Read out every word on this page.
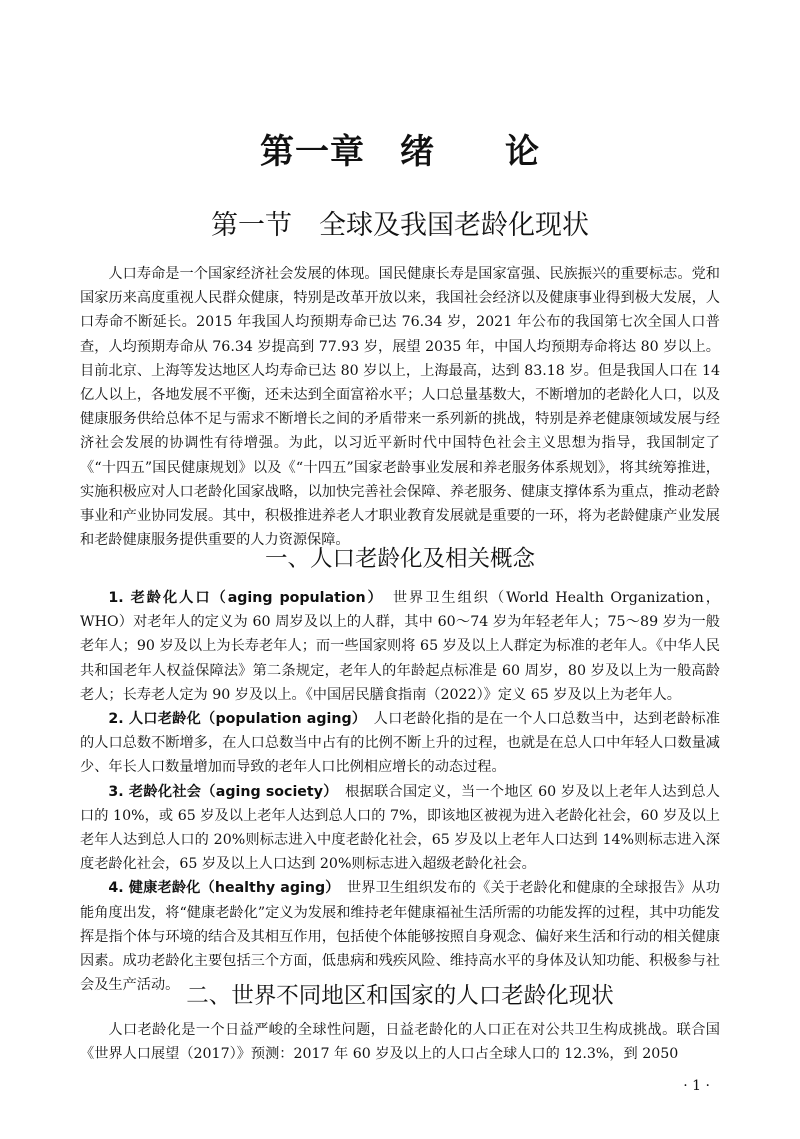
第一章　绪　　论
第一节　全球及我国老龄化现状

人口寿命是一个国家经济社会发展的体现。国民健康长寿是国家富强、民族振兴的重要标志。党和国家历来高度重视人民群众健康，特别是改革开放以来，我国社会经济以及健康事业得到极大发展，人口寿命不断延长。2015 年我国人均预期寿命已达 76.34 岁，2021 年公布的我国第七次全国人口普查，人均预期寿命从 76.34 岁提高到 77.93 岁，展望 2035 年，中国人均预期寿命将达 80 岁以上。目前北京、上海等发达地区人均寿命已达 80 岁以上，上海最高，达到 83.18 岁。但是我国人口在 14 亿人以上，各地发展不平衡，还未达到全面富裕水平；人口总量基数大，不断增加的老龄化人口，以及健康服务供给总体不足与需求不断增长之间的矛盾带来一系列新的挑战，特别是养老健康领域发展与经济社会发展的协调性有待增强。为此，以习近平新时代中国特色社会主义思想为指导，我国制定了《“十四五”国民健康规划》以及《“十四五”国家老龄事业发展和养老服务体系规划》，将其统筹推进，实施积极应对人口老龄化国家战略，以加快完善社会保障、养老服务、健康支撑体系为重点，推动老龄事业和产业协同发展。其中，积极推进养老人才职业教育发展就是重要的一环，将为老龄健康产业发展和老龄健康服务提供重要的人力资源保障。

一、人口老龄化及相关概念

1. 老龄化人口（aging population）　世界卫生组织（World Health Organization，WHO）对老年人的定义为 60 周岁及以上的人群，其中 60～74 岁为年轻老年人；75～89 岁为一般老年人；90 岁及以上为长寿老年人；而一些国家则将 65 岁及以上人群定为标准的老年人。《中华人民共和国老年人权益保障法》第二条规定，老年人的年龄起点标准是 60 周岁，80 岁及以上为一般高龄老人；长寿老人定为 90 岁及以上。《中国居民膳食指南（2022）》定义 65 岁及以上为老年人。

2. 人口老龄化（population aging）　人口老龄化指的是在一个人口总数当中，达到老龄标准的人口总数不断增多，在人口总数当中占有的比例不断上升的过程，也就是在总人口中年轻人口数量减少、年长人口数量增加而导致的老年人口比例相应增长的动态过程。

3. 老龄化社会（aging society）　根据联合国定义，当一个地区 60 岁及以上老年人达到总人口的 10%，或 65 岁及以上老年人达到总人口的 7%，即该地区被视为进入老龄化社会，60 岁及以上老年人达到总人口的 20%则标志进入中度老龄化社会，65 岁及以上老年人口达到 14%则标志进入深度老龄化社会，65 岁及以上人口达到 20%则标志进入超级老龄化社会。

4. 健康老龄化（healthy aging）　世界卫生组织发布的《关于老龄化和健康的全球报告》从功能角度出发，将“健康老龄化”定义为发展和维持老年健康福祉生活所需的功能发挥的过程，其中功能发挥是指个体与环境的结合及其相互作用，包括使个体能够按照自身观念、偏好来生活和行动的相关健康因素。成功老龄化主要包括三个方面，低患病和残疾风险、维持高水平的身体及认知功能、积极参与社会及生产活动。 二、世界不同地区和国家的人口老龄化现状

人口老龄化是一个日益严峻的全球性问题，日益老龄化的人口正在对公共卫生构成挑战。联合国《世界人口展望（2017）》预测：2017 年 60 岁及以上的人口占全球人口的 12.3%，到 2050

· 1 ·
